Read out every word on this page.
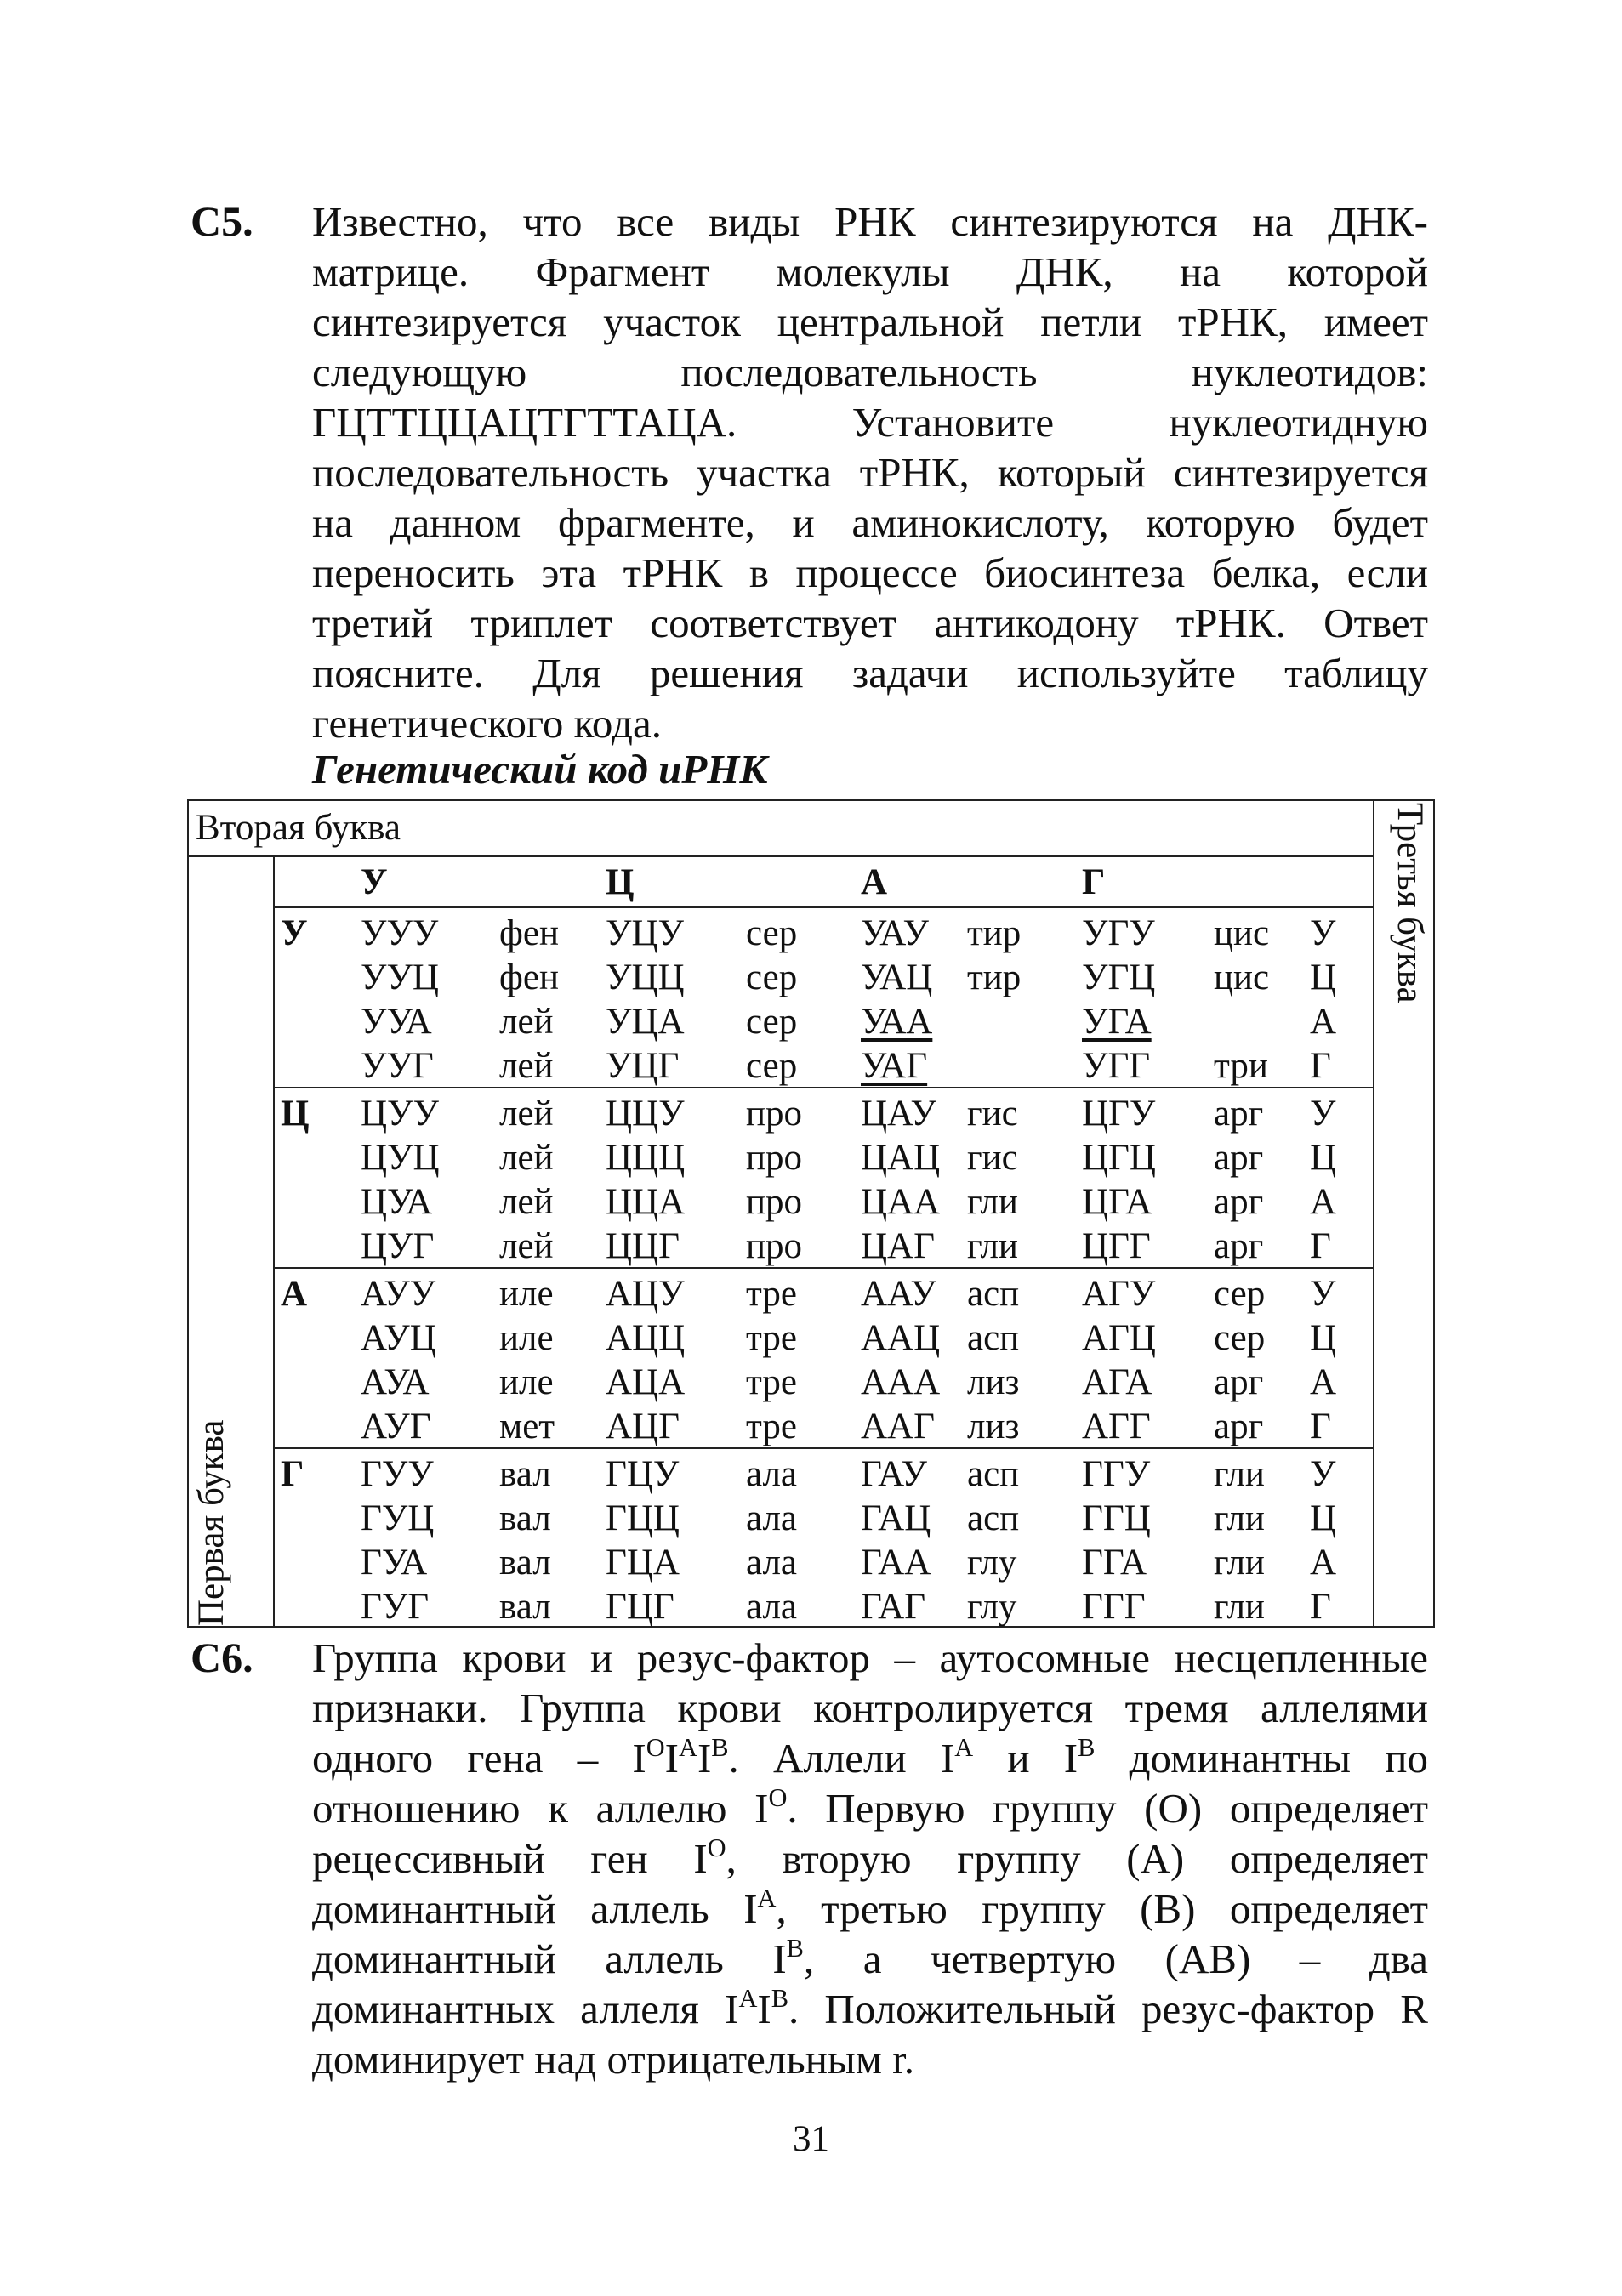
С5. Известно, что все виды РНК синтезируются на ДНК-
матрице. Фрагмент молекулы ДНК, на которой
синтезируется участок центральной петли тРНК, имеет
следующую последовательность нуклеотидов:
ГЦТТЦЦАЦТГТТАЦА. Установите нуклеотидную
последовательность участка тРНК, который синтезируется
на данном фрагменте, и аминокислоту, которую будет
переносить эта тРНК в процессе биосинтеза белка, если
третий триплет соответствует антикодону тРНК. Ответ
поясните. Для решения задачи используйте таблицу
генетического кода.
Генетический код иРНК
Вторая буква
Первая буква
Третья буква
У	Ц	А	Г
У УУУ фен УЦУ сер УАУ тир УГУ цис У
УУЦ фен УЦЦ сер УАЦ тир УГЦ цис Ц
УУА лей УЦА сер УАА	УГА	А
УУГ лей УЦГ сер УАГ	УГГ три Г
Ц ЦУУ лей ЦЦУ про ЦАУ гис ЦГУ арг У
ЦУЦ лей ЦЦЦ про ЦАЦ гис ЦГЦ арг Ц
ЦУА лей ЦЦА про ЦАА гли ЦГА арг А
ЦУГ лей ЦЦГ про ЦАГ гли ЦГГ арг Г
А АУУ иле АЦУ тре ААУ асп АГУ сер У
АУЦ иле АЦЦ тре ААЦ асп АГЦ сер Ц
АУА иле АЦА тре ААА лиз АГА арг А
АУГ мет АЦГ тре ААГ лиз АГГ арг Г
Г ГУУ вал ГЦУ ала ГАУ асп ГГУ гли У
ГУЦ вал ГЦЦ ала ГАЦ асп ГГЦ гли Ц
ГУА вал ГЦА ала ГАА глу ГГА гли А
ГУГ вал ГЦГ ала ГАГ глу ГГГ гли Г
С6. Группа крови и резус-фактор – аутосомные несцепленные
признаки. Группа крови контролируется тремя аллелями
одного гена – $I^OI^AI^B$. Аллели $I^A$ и $I^B$ доминантны по
отношению к аллелю $I^O$. Первую группу (О) определяет
рецессивный ген $I^O$, вторую группу (А) определяет
доминантный аллель $I^A$, третью группу (В) определяет
доминантный аллель $I^B$, а четвертую (АВ) – два
доминантных аллеля $I^AI^B$. Положительный резус-фактор R
доминирует над отрицательным r.
31
